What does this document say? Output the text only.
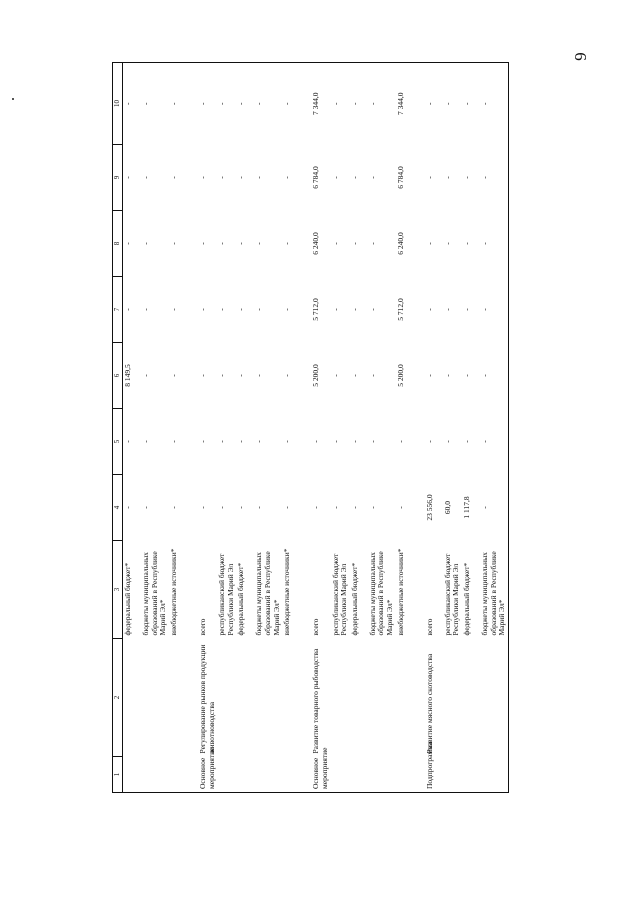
6
1	2	3	4	5	6	7	8	9	10
		федеральный бюджет*	-	-	8 149,5	-	-	-	-
		бюджеты муниципальных образований в Республике Марий Эл*	-	-	-	-	-	-	-
		внебюджетные источники*	-	-	-	-	-	-	-
Основное мероприятие	Регулирование рынков продукции животноводства	всего	-	-	-	-	-	-	-
		республиканский бюджет Республики Марий Эл	-	-	-	-	-	-	-
		федеральный бюджет*	-	-	-	-	-	-	-
		бюджеты муниципальных образований в Республике Марий Эл*	-	-	-	-	-	-	-
		внебюджетные источники*	-	-	-	-	-	-	-
Основное мероприятие	Развитие товарного рыбоводства	всего	-	-	5 200,0	5 712,0	6 240,0	6 784,0	7 344,0
		республиканский бюджет Республики Марий Эл	-	-	-	-	-	-	-
		федеральный бюджет*	-	-	-	-	-	-	-
		бюджеты муниципальных образований в Республике Марий Эл*	-	-	-	-	-	-	-
		внебюджетные источники*	-	-	5 200,0	5 712,0	6 240,0	6 784,0	7 344,0
Подпрограмма	Развитие мясного скотоводства	всего	23 556,0	-	-	-	-	-	-
		республиканский бюджет Республики Марий Эл	60,0	-	-	-	-	-	-
		федеральный бюджет*	1 117,8	-	-	-	-	-	-
		бюджеты муниципальных образований в Республике Марий Эл*	-	-	-	-	-	-	-
